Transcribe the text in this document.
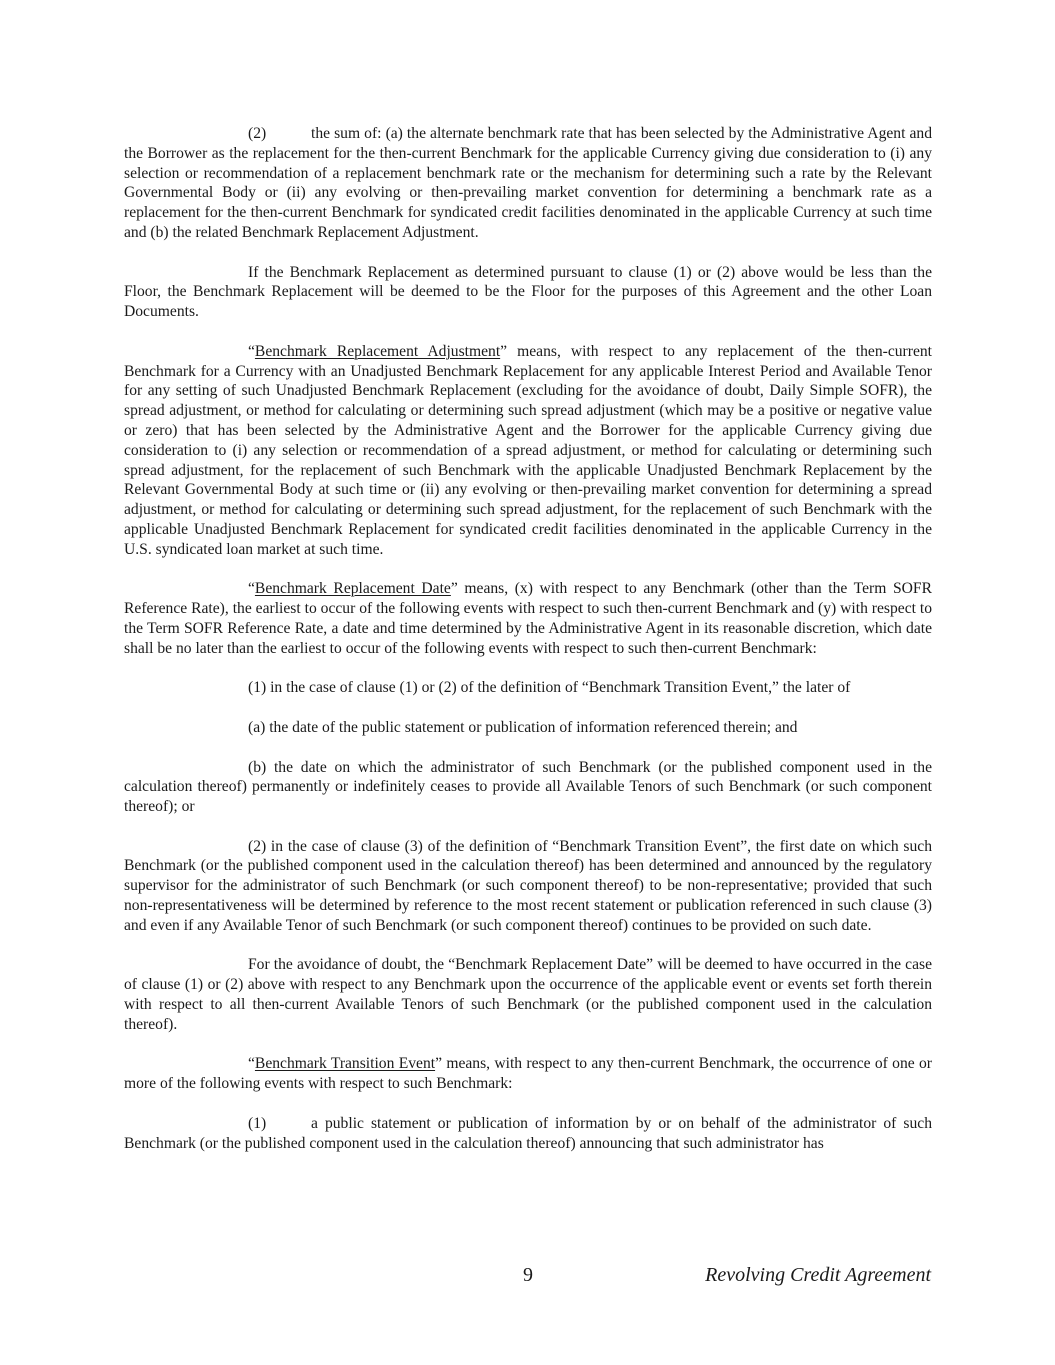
(2)	the sum of: (a) the alternate benchmark rate that has been selected by the Administrative Agent and the Borrower as the replacement for the then-current Benchmark for the applicable Currency giving due consideration to (i) any selection or recommendation of a replacement benchmark rate or the mechanism for determining such a rate by the Relevant Governmental Body or (ii) any evolving or then-prevailing market convention for determining a benchmark rate as a replacement for the then-current Benchmark for syndicated credit facilities denominated in the applicable Currency at such time and (b) the related Benchmark Replacement Adjustment.

If the Benchmark Replacement as determined pursuant to clause (1) or (2) above would be less than the Floor, the Benchmark Replacement will be deemed to be the Floor for the purposes of this Agreement and the other Loan Documents.

“Benchmark Replacement Adjustment” means, with respect to any replacement of the then-current Benchmark for a Currency with an Unadjusted Benchmark Replacement for any applicable Interest Period and Available Tenor for any setting of such Unadjusted Benchmark Replacement (excluding for the avoidance of doubt, Daily Simple SOFR), the spread adjustment, or method for calculating or determining such spread adjustment (which may be a positive or negative value or zero) that has been selected by the Administrative Agent and the Borrower for the applicable Currency giving due consideration to (i) any selection or recommendation of a spread adjustment, or method for calculating or determining such spread adjustment, for the replacement of such Benchmark with the applicable Unadjusted Benchmark Replacement by the Relevant Governmental Body at such time or (ii) any evolving or then-prevailing market convention for determining a spread adjustment, or method for calculating or determining such spread adjustment, for the replacement of such Benchmark with the applicable Unadjusted Benchmark Replacement for syndicated credit facilities denominated in the applicable Currency in the U.S. syndicated loan market at such time.

“Benchmark Replacement Date” means, (x) with respect to any Benchmark (other than the Term SOFR Reference Rate), the earliest to occur of the following events with respect to such then-current Benchmark and (y) with respect to the Term SOFR Reference Rate, a date and time determined by the Administrative Agent in its reasonable discretion, which date shall be no later than the earliest to occur of the following events with respect to such then-current Benchmark:

(1) in the case of clause (1) or (2) of the definition of “Benchmark Transition Event,” the later of

(a) the date of the public statement or publication of information referenced therein; and

(b) the date on which the administrator of such Benchmark (or the published component used in the calculation thereof) permanently or indefinitely ceases to provide all Available Tenors of such Benchmark (or such component thereof); or

(2) in the case of clause (3) of the definition of “Benchmark Transition Event”, the first date on which such Benchmark (or the published component used in the calculation thereof) has been determined and announced by the regulatory supervisor for the administrator of such Benchmark (or such component thereof) to be non-representative; provided that such non-representativeness will be determined by reference to the most recent statement or publication referenced in such clause (3) and even if any Available Tenor of such Benchmark (or such component thereof) continues to be provided on such date.

For the avoidance of doubt, the “Benchmark Replacement Date” will be deemed to have occurred in the case of clause (1) or (2) above with respect to any Benchmark upon the occurrence of the applicable event or events set forth therein with respect to all then-current Available Tenors of such Benchmark (or the published component used in the calculation thereof).

“Benchmark Transition Event” means, with respect to any then-current Benchmark, the occurrence of one or more of the following events with respect to such Benchmark:

(1)	a public statement or publication of information by or on behalf of the administrator of such Benchmark (or the published component used in the calculation thereof) announcing that such administrator has

9	Revolving Credit Agreement
